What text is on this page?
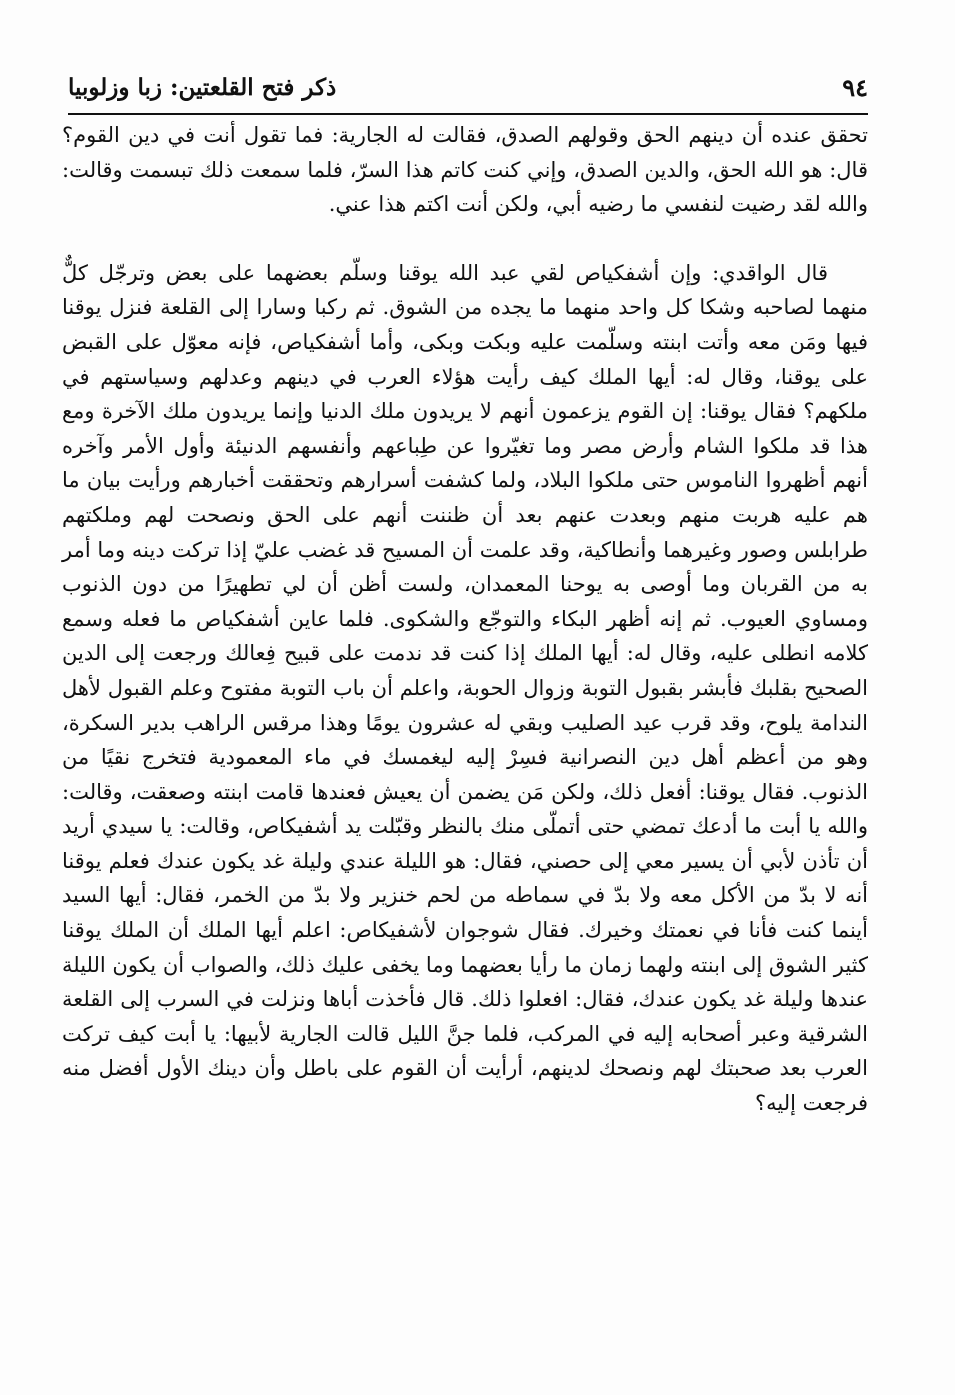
٩٤
ذكر فتح القلعتين: زبا وزلوبيا

تحقق عنده أن دينهم الحق وقولهم الصدق، فقالت له الجارية: فما تقول أنت في دين القوم؟ قال: هو الله الحق، والدين الصدق، وإني كنت كاتم هذا السرّ، فلما سمعت ذلك تبسمت وقالت: والله لقد رضيت لنفسي ما رضيه أبي، ولكن أنت اكتم هذا عني.

قال الواقدي: وإن أشفكياص لقي عبد الله يوقنا وسلّم بعضهما على بعض وترجّل كلٌّ منهما لصاحبه وشكا كل واحد منهما ما يجده من الشوق. ثم ركبا وسارا إلى القلعة فنزل يوقنا فيها ومَن معه وأتت ابنته وسلّمت عليه وبكت وبكى، وأما أشفكياص، فإنه معوّل على القبض على يوقنا، وقال له: أيها الملك كيف رأيت هؤلاء العرب في دينهم وعدلهم وسياستهم في ملكهم؟ فقال يوقنا: إن القوم يزعمون أنهم لا يريدون ملك الدنيا وإنما يريدون ملك الآخرة ومع هذا قد ملكوا الشام وأرض مصر وما تغيّروا عن طِباعهم وأنفسهم الدنيئة وأول الأمر وآخره أنهم أظهروا الناموس حتى ملكوا البلاد، ولما كشفت أسرارهم وتحققت أخبارهم ورأيت بيان ما هم عليه هربت منهم وبعدت عنهم بعد أن ظننت أنهم على الحق ونصحت لهم وملكتهم طرابلس وصور وغيرهما وأنطاكية، وقد علمت أن المسيح قد غضب عليّ إذا تركت دينه وما أمر به من القربان وما أوصى به يوحنا المعمدان، ولست أظن أن لي تطهيرًا من دون الذنوب ومساوي العيوب. ثم إنه أظهر البكاء والتوجّع والشكوى. فلما عاين أشفكياص ما فعله وسمع كلامه انطلى عليه، وقال له: أيها الملك إذا كنت قد ندمت على قبيح فِعالك ورجعت إلى الدين الصحيح بقلبك فأبشر بقبول التوبة وزوال الحوبة، واعلم أن باب التوبة مفتوح وعلم القبول لأهل الندامة يلوح، وقد قرب عيد الصليب وبقي له عشرون يومًا وهذا مرقس الراهب بدير السكرة، وهو من أعظم أهل دين النصرانية فسِرْ إليه ليغمسك في ماء المعمودية فتخرج نقيًا من الذنوب. فقال يوقنا: أفعل ذلك، ولكن مَن يضمن أن يعيش فعندها قامت ابنته وصعقت، وقالت: والله يا أبت ما أدعك تمضي حتى أتملّى منك بالنظر وقبّلت يد أشفيكاص، وقالت: يا سيدي أريد أن تأذن لأبي أن يسير معي إلى حصني، فقال: هو الليلة عندي وليلة غد يكون عندك فعلم يوقنا أنه لا بدّ من الأكل معه ولا بدّ في سماطه من لحم خنزير ولا بدّ من الخمر، فقال: أيها السيد أينما كنت فأنا في نعمتك وخيرك. فقال شوجوان لأشفيكاص: اعلم أيها الملك أن الملك يوقنا كثير الشوق إلى ابنته ولهما زمان ما رأيا بعضهما وما يخفى عليك ذلك، والصواب أن يكون الليلة عندها وليلة غد يكون عندك، فقال: افعلوا ذلك. قال فأخذت أباها ونزلت في السرب إلى القلعة الشرقية وعبر أصحابه إليه في المركب، فلما جنَّ الليل قالت الجارية لأبيها: يا أبت كيف تركت العرب بعد صحبتك لهم ونصحك لدينهم، أرأيت أن القوم على باطل وأن دينك الأول أفضل منه فرجعت إليه؟
